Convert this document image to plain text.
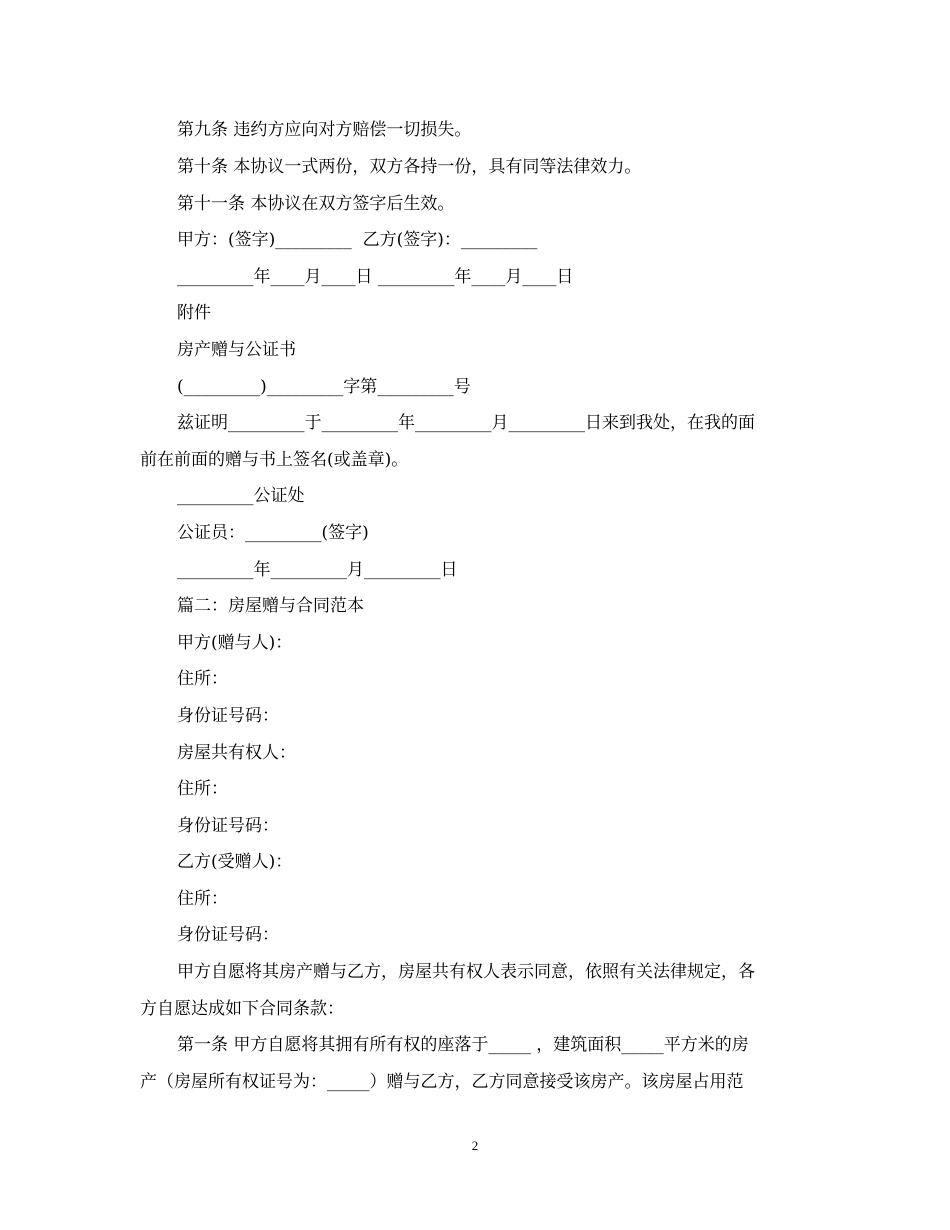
第九条 违约方应向对方赔偿一切损失。

第十条 本协议一式两份，双方各持一份，具有同等法律效力。

第十一条 本协议在双方签字后生效。

甲方：(签字)_________  乙方(签字)：_________

_________年____月____日 _________年____月____日

附件

房产赠与公证书

(_________)_________字第_________号

兹证明_________于_________年_________月_________日来到我处，在我的面

前在前面的赠与书上签名(或盖章)。

_________公证处

公证员：_________(签字)

_________年_________月_________日

篇二：房屋赠与合同范本

甲方(赠与人)：

住所：

身份证号码：

房屋共有权人：

住所：

身份证号码：

乙方(受赠人)：

住所：

身份证号码：

甲方自愿将其房产赠与乙方，房屋共有权人表示同意，依照有关法律规定，各

方自愿达成如下合同条款：

第一条 甲方自愿将其拥有所有权的座落于_____ ，建筑面积_____平方米的房

产（房屋所有权证号为：_____）赠与乙方，乙方同意接受该房产。该房屋占用范

2
